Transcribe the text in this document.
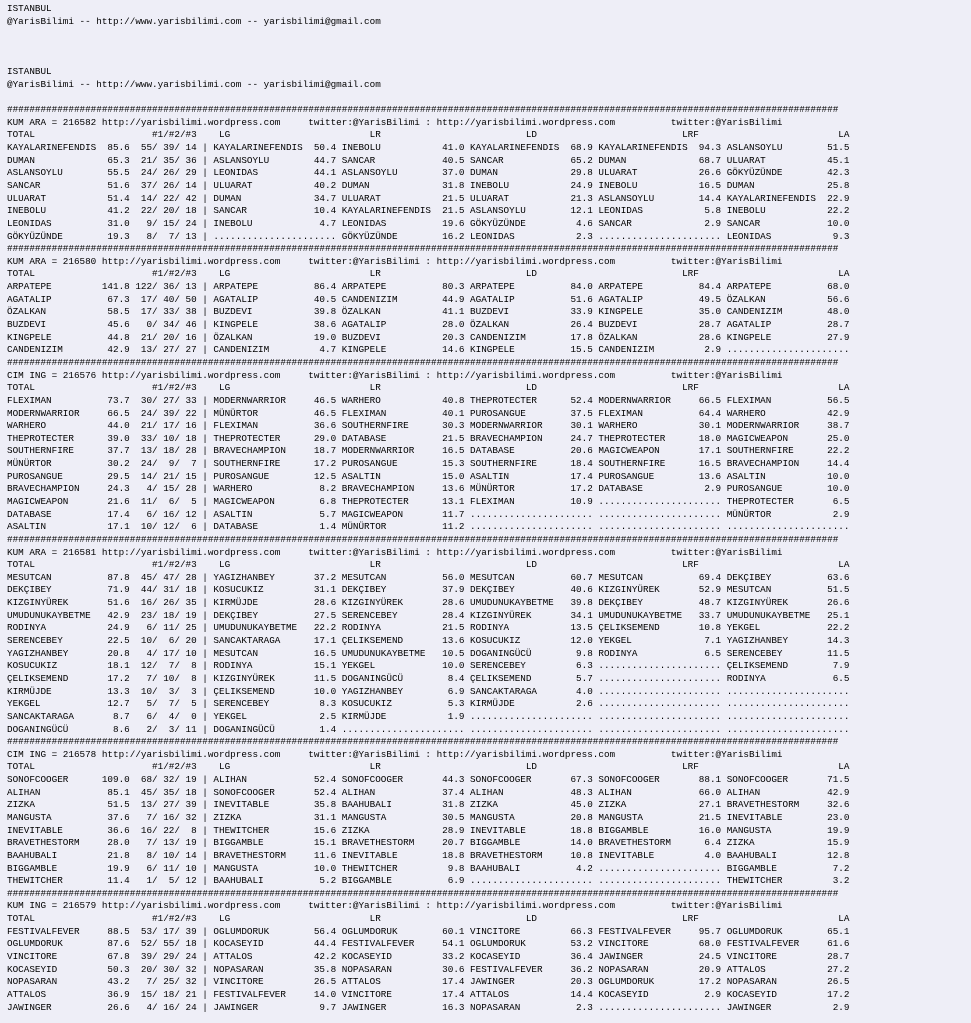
ISTANBUL
@YarisBilimi -- http://www.yarisbilimi.com -- yarisbilimi@gmail.com
ISTANBUL
@YarisBilimi -- http://www.yarisbilimi.com -- yarisbilimi@gmail.com
#####################################################################################################################################################
KUM ARA = 216582 http://yarisbilimi.wordpress.com     twitter:@YarisBilimi : http://yarisbilimi.wordpress.com          twitter:@YarisBilimi
TOTAL                     #1/#2/#3    LG                         LR                          LD                          LRF                         LA
KAYALARINEFENDIS  85.6  55/ 39/ 14 | KAYALARINEFENDIS  50.4 INEBOLU           41.0 KAYALARINEFENDIS  68.9 KAYALARINEFENDIS  94.3 ASLANSOYLU        51.5
DUMAN             65.3  21/ 35/ 36 | ASLANSOYLU        44.7 SANCAR            40.5 SANCAR            65.2 DUMAN             68.7 ULUARAT           45.1
ASLANSOYLU        55.5  24/ 26/ 29 | LEONIDAS          44.1 ASLANSOYLU        37.0 DUMAN             29.8 ULUARAT           26.6 GÖKYÜZÜNDE        42.3
SANCAR            51.6  37/ 26/ 14 | ULUARAT           40.2 DUMAN             31.8 INEBOLU           24.9 INEBOLU           16.5 DUMAN             25.8
ULUARAT           51.4  14/ 22/ 42 | DUMAN             34.7 ULUARAT           21.5 ULUARAT           21.3 ASLANSOYLU        14.4 KAYALARINEFENDIS  22.9
INEBOLU           41.2  22/ 20/ 18 | SANCAR            10.4 KAYALARINEFENDIS  21.5 ASLANSOYLU        12.1 LEONIDAS           5.8 INEBOLU           22.2
LEONIDAS          31.0   9/ 15/ 24 | INEBOLU            4.7 LEONIDAS          19.6 GÖKYÜZÜNDE         4.6 SANCAR             2.9 SANCAR            10.0
GÖKYÜZÜNDE        19.3   8/  7/ 13 | ...................... GÖKYÜZÜNDE        16.2 LEONIDAS           2.3 ...................... LEONIDAS           9.3
#####################################################################################################################################################
KUM ARA = 216580 http://yarisbilimi.wordpress.com     twitter:@YarisBilimi : http://yarisbilimi.wordpress.com          twitter:@YarisBilimi
TOTAL                     #1/#2/#3    LG                         LR                          LD                          LRF                         LA
ARPATEPE         141.8 122/ 36/ 13 | ARPATEPE          86.4 ARPATEPE          80.3 ARPATEPE          84.0 ARPATEPE          84.4 ARPATEPE          68.0
AGATALIP          67.3  17/ 40/ 50 | AGATALIP          40.5 CANDENIZIM        44.9 AGATALIP          51.6 AGATALIP          49.5 ÖZALKAN           56.6
ÖZALKAN           58.5  17/ 33/ 38 | BUZDEVI           39.8 ÖZALKAN           41.1 BUZDEVI           33.9 KINGPELE          35.0 CANDENIZIM        48.0
BUZDEVI           45.6   0/ 34/ 46 | KINGPELE          38.6 AGATALIP          28.0 ÖZALKAN           26.4 BUZDEVI           28.7 AGATALIP          28.7
KINGPELE          44.8  21/ 20/ 16 | ÖZALKAN           19.0 BUZDEVI           20.3 CANDENIZIM        17.8 ÖZALKAN           28.6 KINGPELE          27.9
CANDENIZIM        42.9  13/ 27/ 27 | CANDENIZIM         4.7 KINGPELE          14.6 KINGPELE          15.5 CANDENIZIM         2.9 ......................
#####################################################################################################################################################
CIM ING = 216576 http://yarisbilimi.wordpress.com     twitter:@YarisBilimi : http://yarisbilimi.wordpress.com          twitter:@YarisBilimi
TOTAL                     #1/#2/#3    LG                         LR                          LD                          LRF                         LA
FLEXIMAN          73.7  30/ 27/ 33 | MODERNWARRIOR     46.5 WARHERO           40.8 THEPROTECTER      52.4 MODERNWARRIOR     66.5 FLEXIMAN          56.5
MODERNWARRIOR     66.5  24/ 39/ 22 | MÜNÜRTOR          46.5 FLEXIMAN          40.1 PUROSANGUE        37.5 FLEXIMAN          64.4 WARHERO           42.9
WARHERO           44.0  21/ 17/ 16 | FLEXIMAN          36.6 SOUTHERNFIRE      30.3 MODERNWARRIOR     30.1 WARHERO           30.1 MODERNWARRIOR     38.7
THEPROTECTER      39.0  33/ 10/ 18 | THEPROTECTER      29.0 DATABASE          21.5 BRAVECHAMPION     24.7 THEPROTECTER      18.0 MAGICWEAPON       25.0
SOUTHERNFIRE      37.7  13/ 18/ 28 | BRAVECHAMPION     18.7 MODERNWARRIOR     16.5 DATABASE          20.6 MAGICWEAPON       17.1 SOUTHERNFIRE      22.2
MÜNÜRTOR          30.2  24/  9/  7 | SOUTHERNFIRE      17.2 PUROSANGUE        15.3 SOUTHERNFIRE      18.4 SOUTHERNFIRE      16.5 BRAVECHAMPION     14.4
PUROSANGUE        29.5  14/ 21/ 15 | PUROSANGUE        12.5 ASALTIN           15.0 ASALTIN           17.4 PUROSANGUE        13.6 ASALTIN           10.0
BRAVECHAMPION     24.3   4/ 15/ 28 | WARHERO            8.2 BRAVECHAMPION     13.6 MÜNÜRTOR          17.2 DATABASE           2.9 PUROSANGUE        10.0
MAGICWEAPON       21.6  11/  6/  5 | MAGICWEAPON        6.8 THEPROTECTER      13.1 FLEXIMAN          10.9 ...................... THEPROTECTER       6.5
DATABASE          17.4   6/ 16/ 12 | ASALTIN            5.7 MAGICWEAPON       11.7 ...................... ...................... MÜNÜRTOR           2.9
ASALTIN           17.1  10/ 12/  6 | DATABASE           1.4 MÜNÜRTOR          11.2 ...................... ...................... ......................
#####################################################################################################################################################
KUM ARA = 216581 http://yarisbilimi.wordpress.com     twitter:@YarisBilimi : http://yarisbilimi.wordpress.com          twitter:@YarisBilimi
TOTAL                     #1/#2/#3    LG                         LR                          LD                          LRF                         LA
MESUTCAN          87.8  45/ 47/ 28 | YAGIZHANBEY       37.2 MESUTCAN          56.0 MESUTCAN          60.7 MESUTCAN          69.4 DEKÇIBEY          63.6
DEKÇIBEY          71.9  44/ 31/ 18 | KOSUCUKIZ         31.1 DEKÇIBEY          37.9 DEKÇIBEY          40.6 KIZGINYÜREK       52.9 MESUTCAN          51.5
KIZGINYÜREK       51.6  16/ 26/ 35 | KIRMÜJDE          28.6 KIZGINYÜREK       28.6 UMUDUNUKAYBETME   39.8 DEKÇIBEY          48.7 KIZGINYÜREK       26.6
UMUDUNUKAYBETME   42.9  23/ 18/ 19 | DEKÇIBEY          27.5 SERENCEBEY        28.4 KIZGINYÜREK       34.1 UMUDUNUKAYBETME   33.7 UMUDUNUKAYBETME   25.1
RODINYA           24.9   6/ 11/ 25 | UMUDUNUKAYBETME   22.2 RODINYA           21.5 RODINYA           13.5 ÇELIKSEMEND       10.8 YEKGEL            22.2
SERENCEBEY        22.5  10/  6/ 20 | SANCAKTARAGA      17.1 ÇELIKSEMEND       13.6 KOSUCUKIZ         12.0 YEKGEL             7.1 YAGIZHANBEY       14.3
YAGIZHANBEY       20.8   4/ 17/ 10 | MESUTCAN          16.5 UMUDUNUKAYBETME   10.5 DOGANINGÜCÜ        9.8 RODINYA            6.5 SERENCEBEY        11.5
KOSUCUKIZ         18.1  12/  7/  8 | RODINYA           15.1 YEKGEL            10.0 SERENCEBEY         6.3 ...................... ÇELIKSEMEND        7.9
ÇELIKSEMEND       17.2   7/ 10/  8 | KIZGINYÜREK       11.5 DOGANINGÜCÜ        8.4 ÇELIKSEMEND        5.7 ...................... RODINYA            6.5
KIRMÜJDE          13.3  10/  3/  3 | ÇELIKSEMEND       10.0 YAGIZHANBEY        6.9 SANCAKTARAGA       4.0 ...................... ......................
YEKGEL            12.7   5/  7/  5 | SERENCEBEY         8.3 KOSUCUKIZ          5.3 KIRMÜJDE           2.6 ...................... ......................
SANCAKTARAGA       8.7   6/  4/  0 | YEKGEL             2.5 KIRMÜJDE           1.9 ...................... ...................... ......................
DOGANINGÜCÜ        8.6   2/  3/ 11 | DOGANINGÜCÜ        1.4 ...................... ...................... ...................... ......................
#####################################################################################################################################################
CIM ING = 216578 http://yarisbilimi.wordpress.com     twitter:@YarisBilimi : http://yarisbilimi.wordpress.com          twitter:@YarisBilimi
TOTAL                     #1/#2/#3    LG                         LR                          LD                          LRF                         LA
SONOFCOOGER      109.0  68/ 32/ 19 | ALIHAN            52.4 SONOFCOOGER       44.3 SONOFCOOGER       67.3 SONOFCOOGER       88.1 SONOFCOOGER       71.5
ALIHAN            85.1  45/ 35/ 18 | SONOFCOOGER       52.4 ALIHAN            37.4 ALIHAN            48.3 ALIHAN            66.0 ALIHAN            42.9
ZIZKA             51.5  13/ 27/ 39 | INEVITABLE        35.8 BAAHUBALI         31.8 ZIZKA             45.0 ZIZKA             27.1 BRAVETHESTORM     32.6
MANGUSTA          37.6   7/ 16/ 32 | ZIZKA             31.1 MANGUSTA          30.5 MANGUSTA          20.8 MANGUSTA          21.5 INEVITABLE        23.0
INEVITABLE        36.6  16/ 22/  8 | THEWITCHER        15.6 ZIZKA             28.9 INEVITABLE        18.8 BIGGAMBLE         16.0 MANGUSTA          19.9
BRAVETHESTORM     28.0   7/ 13/ 19 | BIGGAMBLE         15.1 BRAVETHESTORM     20.7 BIGGAMBLE         14.0 BRAVETHESTORM      6.4 ZIZKA             15.9
BAAHUBALI         21.8   8/ 10/ 14 | BRAVETHESTORM     11.6 INEVITABLE        18.8 BRAVETHESTORM     10.8 INEVITABLE         4.0 BAAHUBALI         12.8
BIGGAMBLE         19.9   6/ 11/ 10 | MANGUSTA          10.0 THEWITCHER         9.8 BAAHUBALI          4.2 ...................... BIGGAMBLE          7.2
THEWITCHER        11.4   1/  5/ 12 | BAAHUBALI          5.2 BIGGAMBLE          6.9 ...................... ...................... THEWITCHER         3.2
#####################################################################################################################################################
KUM ING = 216579 http://yarisbilimi.wordpress.com     twitter:@YarisBilimi : http://yarisbilimi.wordpress.com          twitter:@YarisBilimi
TOTAL                     #1/#2/#3    LG                         LR                          LD                          LRF                         LA
FESTIVALFEVER     88.5  53/ 17/ 39 | OGLUMDORUK        56.4 OGLUMDORUK        60.1 VINCITORE         66.3 FESTIVALFEVER     95.7 OGLUMDORUK        65.1
OGLUMDORUK        87.6  52/ 55/ 18 | KOCASEYID         44.4 FESTIVALFEVER     54.1 OGLUMDORUK        53.2 VINCITORE         68.0 FESTIVALFEVER     61.6
VINCITORE         67.8  39/ 29/ 24 | ATTALOS           42.2 KOCASEYID         33.2 KOCASEYID         36.4 JAWINGER          24.5 VINCITORE         28.7
KOCASEYID         50.3  20/ 30/ 32 | NOPASARAN         35.8 NOPASARAN         30.6 FESTIVALFEVER     36.2 NOPASARAN         20.9 ATTALOS           27.2
NOPASARAN         43.2   7/ 25/ 32 | VINCITORE         26.5 ATTALOS           17.4 JAWINGER          20.3 OGLUMDORUK        17.2 NOPASARAN         26.5
ATTALOS           36.9  15/ 18/ 21 | FESTIVALFEVER     14.0 VINCITORE         17.4 ATTALOS           14.4 KOCASEYID          2.9 KOCASEYID         17.2
JAWINGER          26.6   4/ 16/ 24 | JAWINGER           9.7 JAWINGER          16.3 NOPASARAN          2.3 ...................... JAWINGER           2.9
